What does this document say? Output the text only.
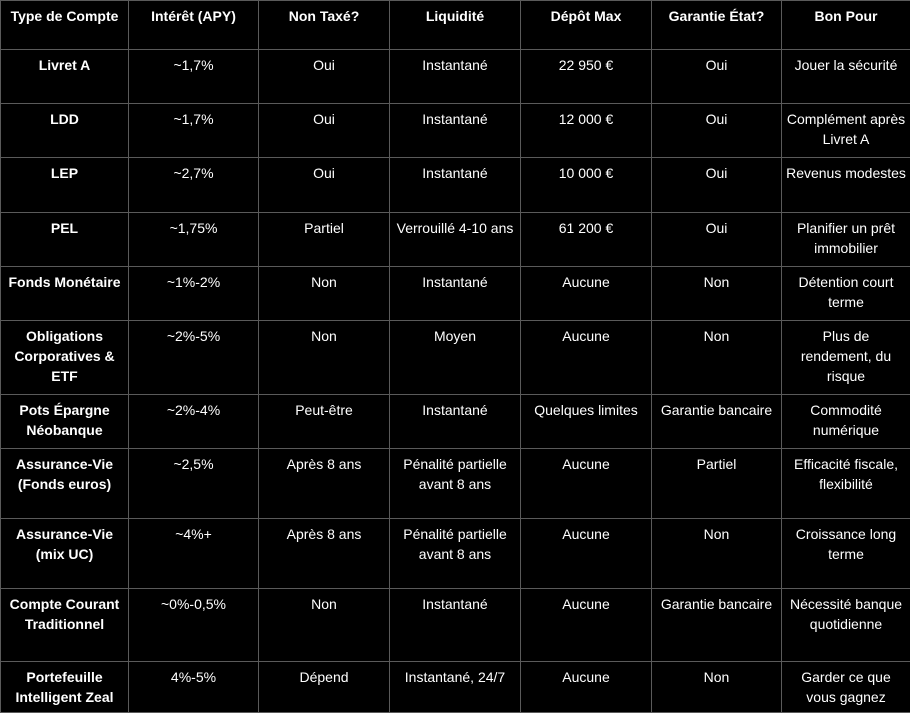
Type de Compte	Intérêt (APY)	Non Taxé?	Liquidité	Dépôt Max	Garantie État?	Bon Pour
Livret A	~1,7%	Oui	Instantané	22 950 €	Oui	Jouer la sécurité
LDD	~1,7%	Oui	Instantané	12 000 €	Oui	Complément après Livret A
LEP	~2,7%	Oui	Instantané	10 000 €	Oui	Revenus modestes
PEL	~1,75%	Partiel	Verrouillé 4-10 ans	61 200 €	Oui	Planifier un prêt immobilier
Fonds Monétaire	~1%-2%	Non	Instantané	Aucune	Non	Détention court terme
Obligations Corporatives & ETF	~2%-5%	Non	Moyen	Aucune	Non	Plus de rendement, du risque
Pots Épargne Néobanque	~2%-4%	Peut-être	Instantané	Quelques limites	Garantie bancaire	Commodité numérique
Assurance-Vie (Fonds euros)	~2,5%	Après 8 ans	Pénalité partielle avant 8 ans	Aucune	Partiel	Efficacité fiscale, flexibilité
Assurance-Vie (mix UC)	~4%+	Après 8 ans	Pénalité partielle avant 8 ans	Aucune	Non	Croissance long terme
Compte Courant Traditionnel	~0%-0,5%	Non	Instantané	Aucune	Garantie bancaire	Nécessité banque quotidienne
Portefeuille Intelligent Zeal	4%-5%	Dépend	Instantané, 24/7	Aucune	Non	Garder ce que vous gagnez
